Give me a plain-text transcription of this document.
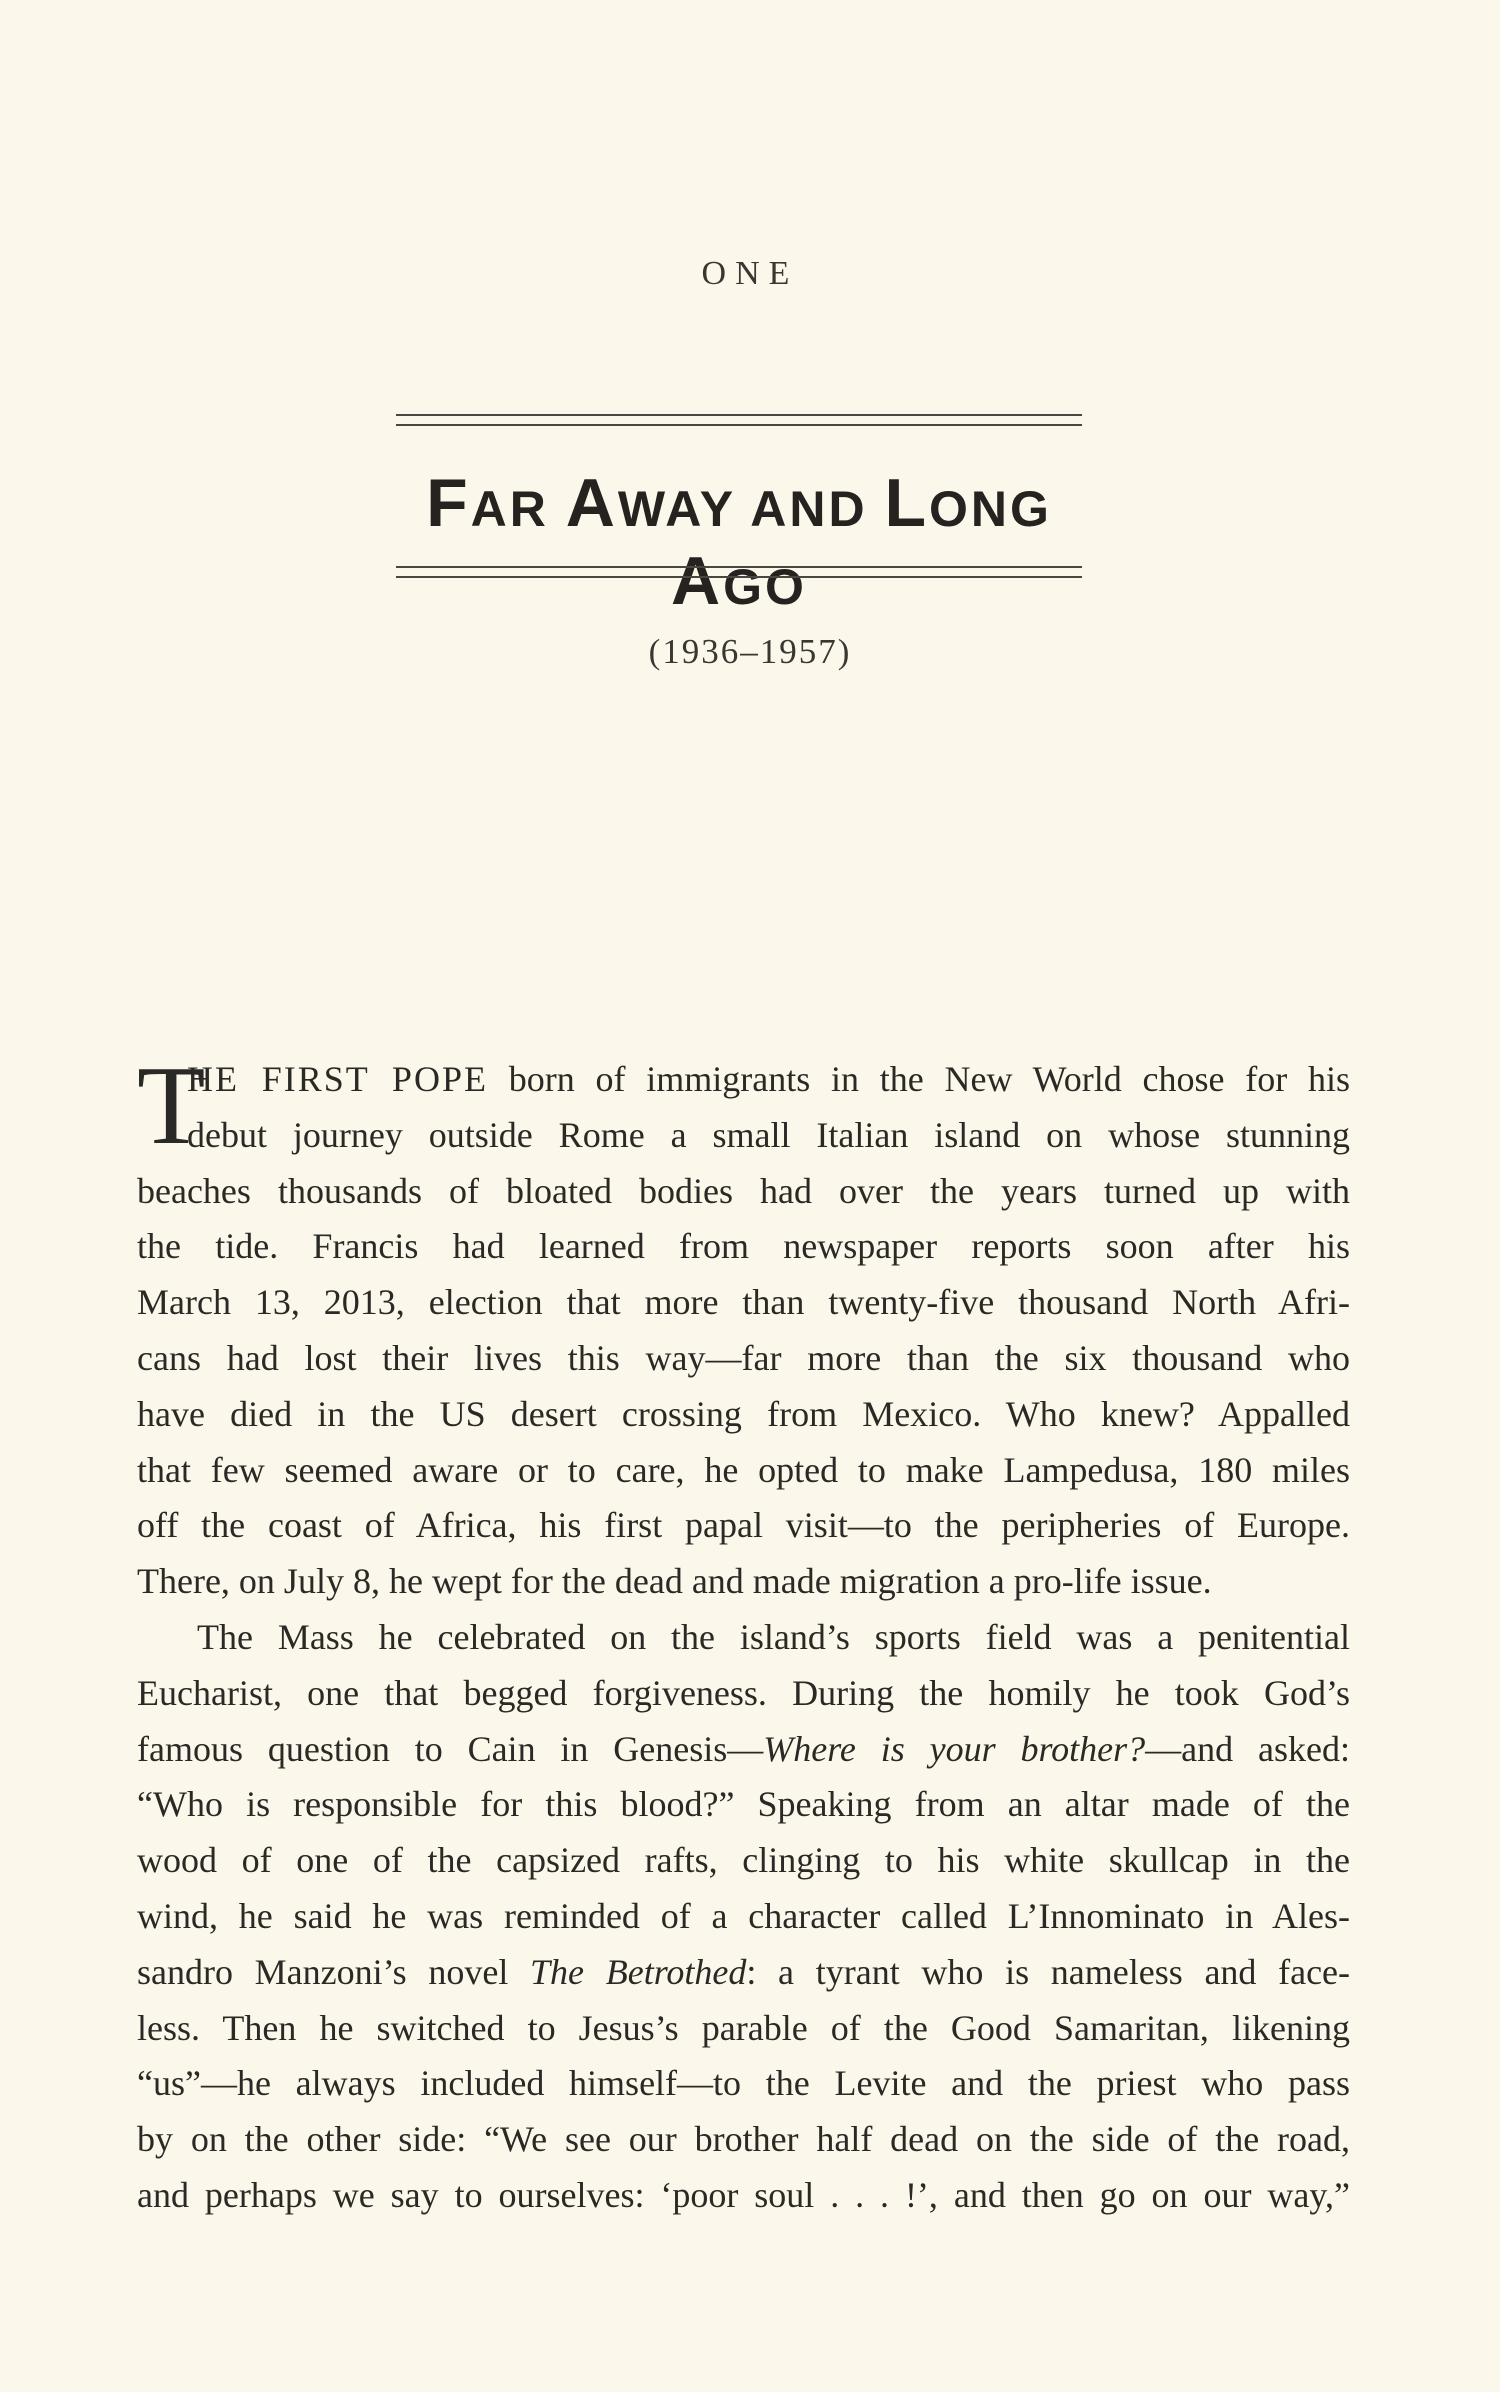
ONE
FAR AWAY AND LONG AGO
(1936–1957)
T
HE FIRST POPE born of immigrants in the New World chose for his
debut journey outside Rome a small Italian island on whose stunning
beaches thousands of bloated bodies had over the years turned up with
the tide. Francis had learned from newspaper reports soon after his
March 13, 2013, election that more than twenty-five thousand North Afri-
cans had lost their lives this way—far more than the six thousand who
have died in the US desert crossing from Mexico. Who knew? Appalled
that few seemed aware or to care, he opted to make Lampedusa, 180 miles
off the coast of Africa, his first papal visit—to the peripheries of Europe.
There, on July 8, he wept for the dead and made migration a pro-life issue.
The Mass he celebrated on the island’s sports field was a penitential
Eucharist, one that begged forgiveness. During the homily he took God’s
famous question to Cain in Genesis—Where is your brother?—and asked:
“Who is responsible for this blood?” Speaking from an altar made of the
wood of one of the capsized rafts, clinging to his white skullcap in the
wind, he said he was reminded of a character called L’Innominato in Ales-
sandro Manzoni’s novel The Betrothed: a tyrant who is nameless and face-
less. Then he switched to Jesus’s parable of the Good Samaritan, likening
“us”—he always included himself—to the Levite and the priest who pass
by on the other side: “We see our brother half dead on the side of the road,
and perhaps we say to ourselves: ‘poor soul . . . !’, and then go on our way,”
